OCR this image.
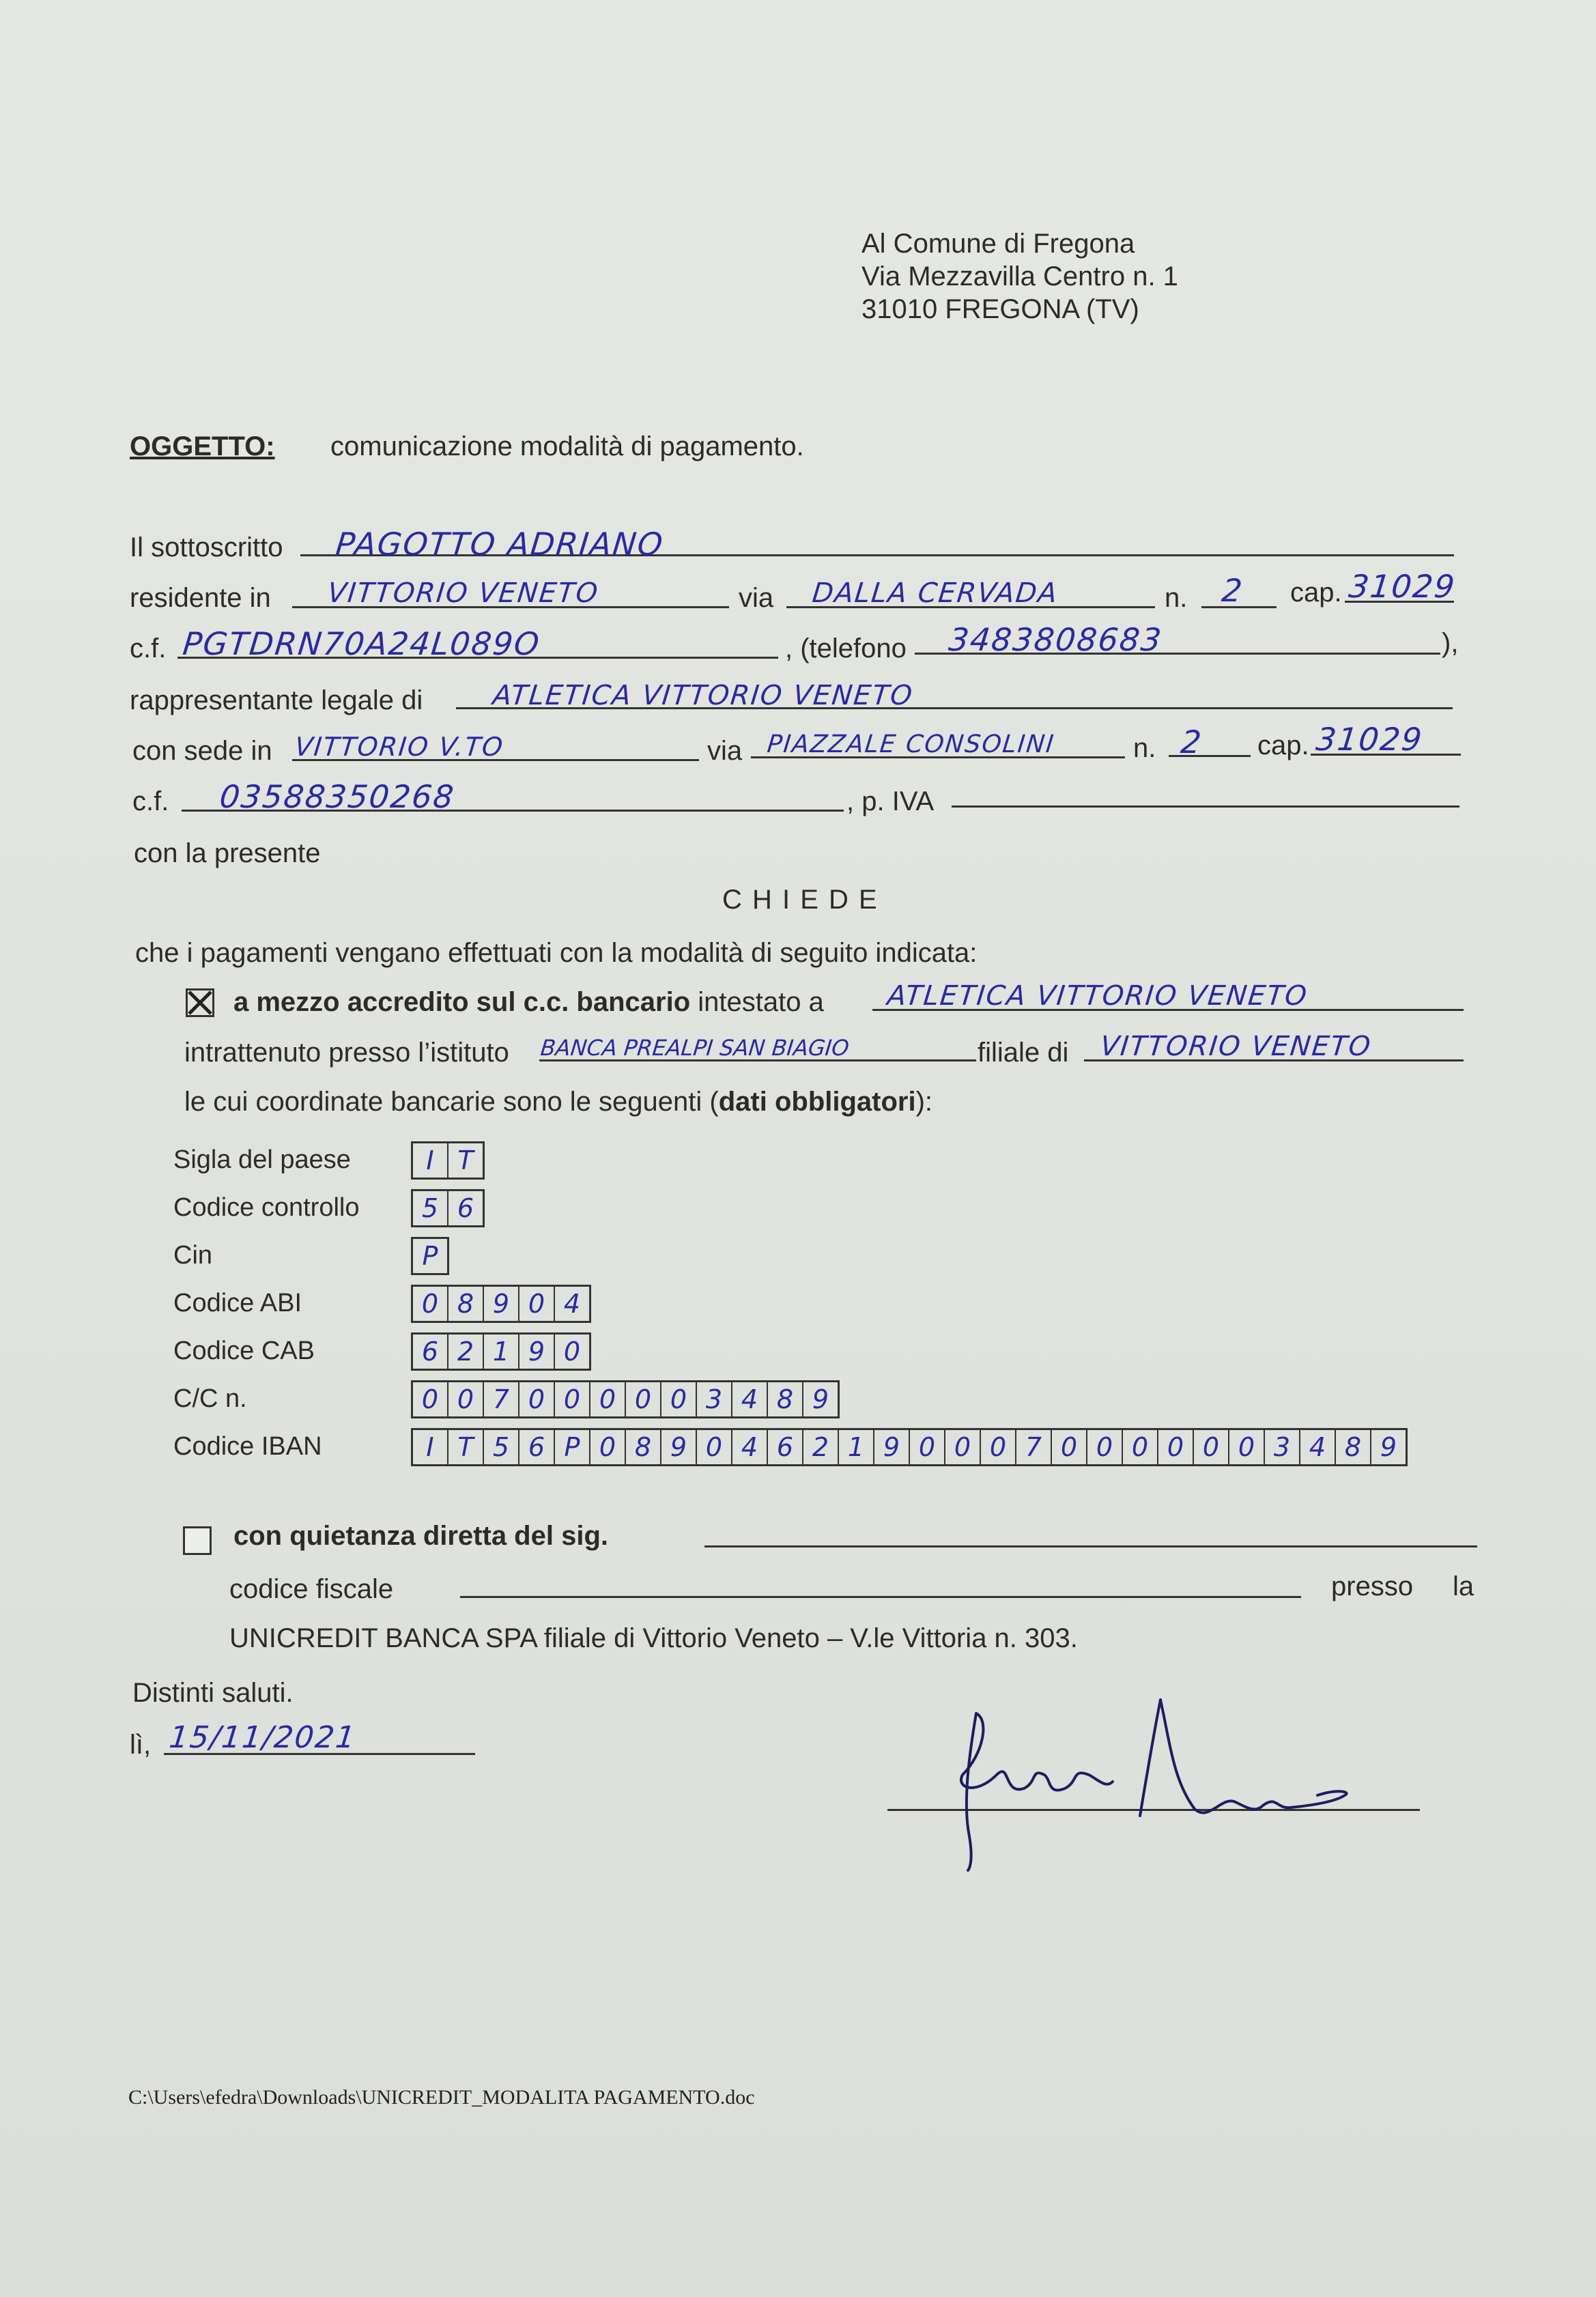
Al Comune di Fregona
Via Mezzavilla Centro n. 1
31010 FREGONA (TV)
OGGETTO: comunicazione modalità di pagamento.
Il sottoscritto PAGOTTO ADRIANO
residente in VITTORIO VENETO	via DALLA CERVADA	n. 2 cap. 31029
c.f. PGTDRN70A24L089O	, (telefono 3483808683	),
rappresentante legale di	ATLETICA VITTORIO VENETO
con sede in VITTORIO V.TO	via PIAZZALE CONSOLINI	n. 2 cap. 31029
c.f. 03588350268	, p. IVA
con la presente
C H I E D E
che i pagamenti vengano effettuati con la modalità di seguito indicata:
a mezzo accredito sul c.c. bancario intestato a ATLETICA VITTORIO VENETO
intrattenuto presso l’istituto BANCA PREALPI SAN BIAGIO	filiale di VITTORIO VENETO
le cui coordinate bancarie sono le seguenti (dati obbligatori):
Sigla del paese	I T
Codice controllo	5 6
Cin	P
Codice ABI	0 8 9 0 4
Codice CAB	6 2 1 9 0
C/C n.	0 0 7 0 0 0 0 0 3 4 8 9
Codice IBAN	I T 5 6 P 0 8 9 0 4 6 2 1 9 0 0 0 7 0 0 0 0 0 0 3 4 8 9
con quietanza diretta del sig.
codice fiscale	presso la
UNICREDIT BANCA SPA filiale di Vittorio Veneto – V.le Vittoria n. 303.
Distinti saluti.
lì, 15/11/2021
C:\Users\efedra\Downloads\UNICREDIT_MODALITA PAGAMENTO.doc
